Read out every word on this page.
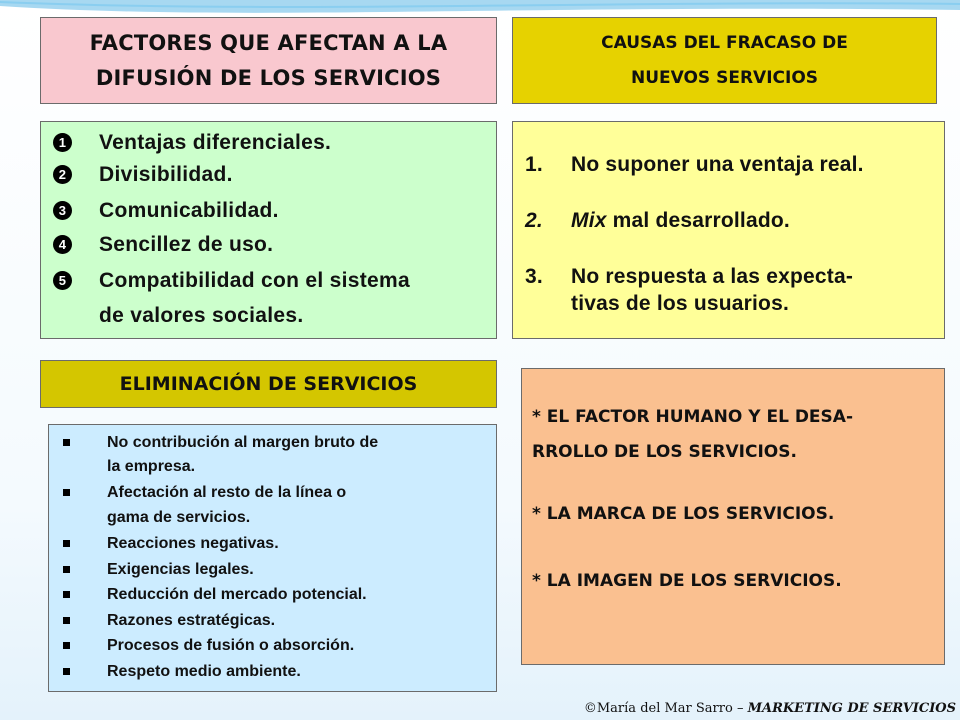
FACTORES QUE AFECTAN A LA
DIFUSIÓN DE LOS SERVICIOS
CAUSAS DEL FRACASO DE
NUEVOS SERVICIOS
1 Ventajas diferenciales.
2 Divisibilidad.
3 Comunicabilidad.
4 Sencillez de uso.
5 Compatibilidad con el sistema
de valores sociales.
1. No suponer una ventaja real.
2. Mix mal desarrollado.
3. No respuesta a las expecta-
tivas de los usuarios.
ELIMINACIÓN DE SERVICIOS
No contribución al margen bruto de
la empresa.
Afectación al resto de la línea o
gama de servicios.
Reacciones negativas.
Exigencias legales.
Reducción del mercado potencial.
Razones estratégicas.
Procesos de fusión o absorción.
Respeto medio ambiente.
* EL FACTOR HUMANO Y EL DESA-
RROLLO DE LOS SERVICIOS.
* LA MARCA DE LOS SERVICIOS.
* LA IMAGEN DE LOS SERVICIOS.
©María del Mar Sarro – MARKETING DE SERVICIOS
